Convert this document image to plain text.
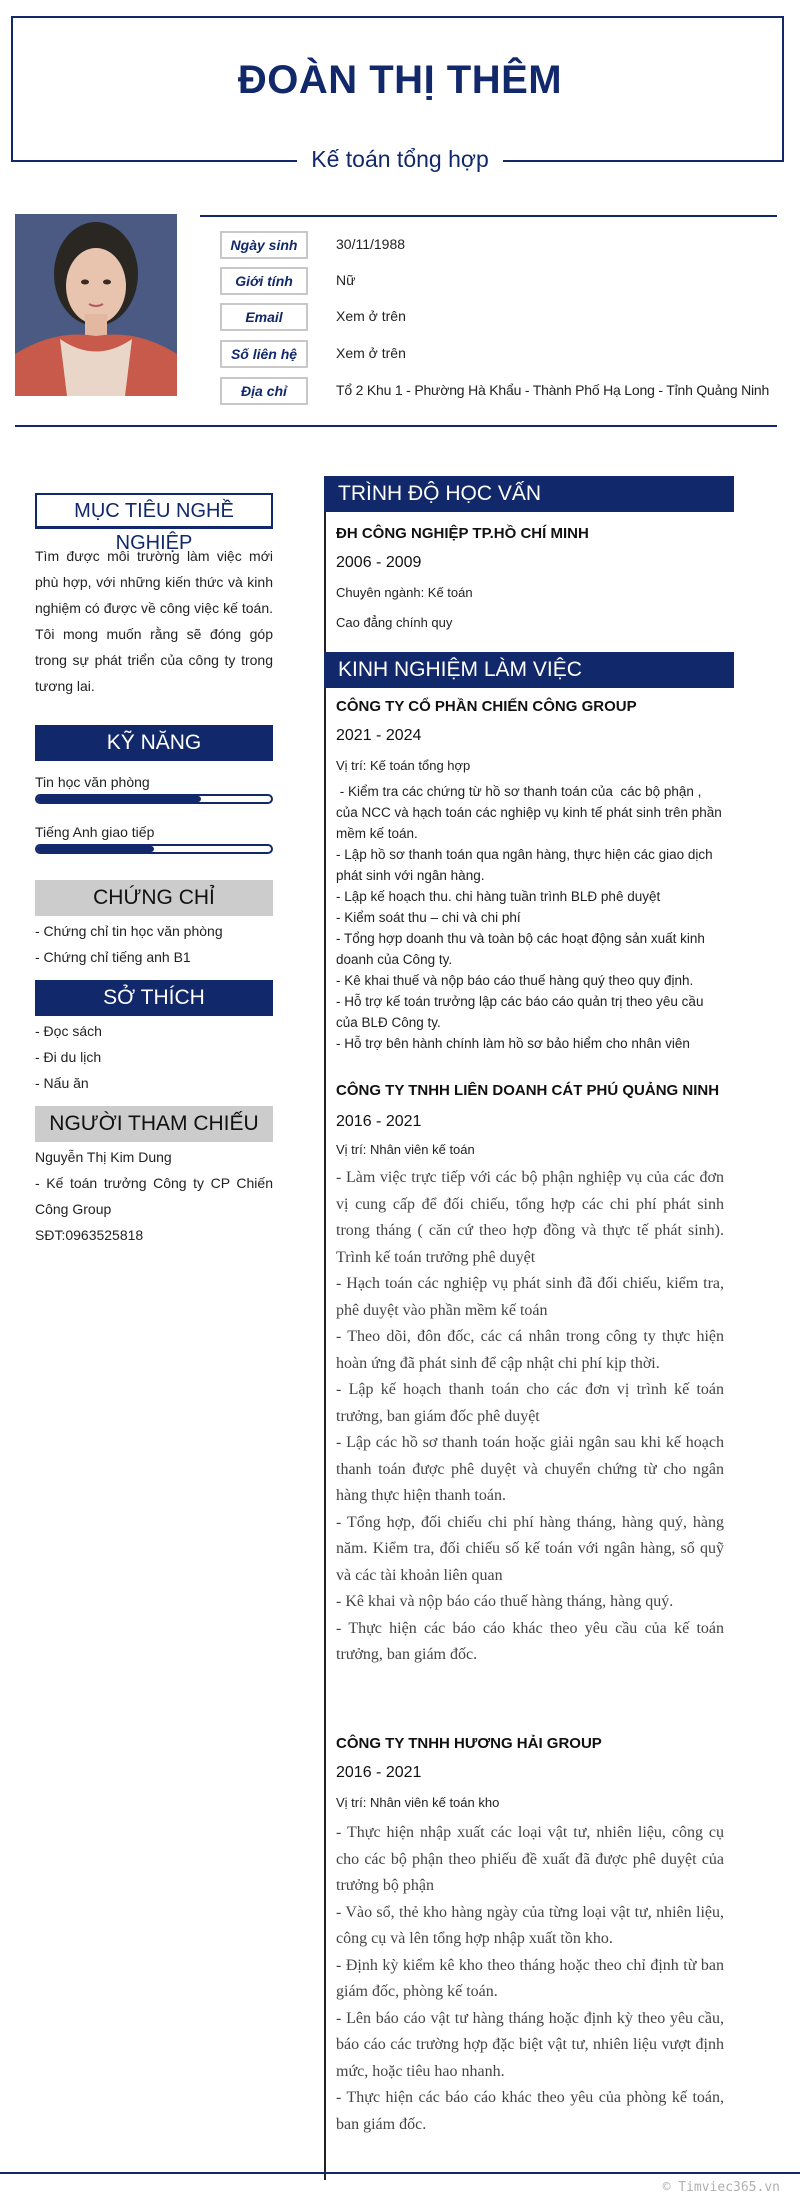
ĐOÀN THỊ THÊM
Kế toán tổng hợp
Ngày sinh	30/11/1988
Giới tính	Nữ
Email	Xem ở trên
Số liên hệ	Xem ở trên
Địa chỉ	Tổ 2 Khu 1 - Phường Hà Khẩu - Thành Phố Hạ Long - Tỉnh Quảng Ninh
MỤC TIÊU NGHỀ NGHIỆP
Tìm được môi trường làm việc mới phù hợp, với những kiến thức và kinh nghiệm có được về công việc kế toán. Tôi mong muốn rằng sẽ đóng góp trong sự phát triển của công ty trong tương lai.
KỸ NĂNG
Tin học văn phòng
Tiếng Anh giao tiếp
CHỨNG CHỈ
- Chứng chỉ tin học văn phòng
- Chứng chỉ tiếng anh B1
SỞ THÍCH
- Đọc sách
- Đi du lịch
- Nấu ăn
NGƯỜI THAM CHIẾU
Nguyễn Thị Kim Dung
- Kế toán trưởng Công ty CP Chiến Công Group
SĐT:0963525818
TRÌNH ĐỘ HỌC VẤN
ĐH CÔNG NGHIỆP TP.HỒ CHÍ MINH
2006 - 2009
Chuyên ngành: Kế toán
Cao đẳng chính quy
KINH NGHIỆM LÀM VIỆC
CÔNG TY CỔ PHẦN CHIẾN CÔNG GROUP
2021 - 2024
Vị trí: Kế toán tổng hợp
- Kiểm tra các chứng từ hồ sơ thanh toán của  các bộ phận , của NCC và hạch toán các nghiệp vụ kinh tế phát sinh trên phần mềm kế toán.
- Lập hồ sơ thanh toán qua ngân hàng, thực hiện các giao dịch phát sinh với ngân hàng.
- Lập kế hoạch thu. chi hàng tuần trình BLĐ phê duyệt
- Kiểm soát thu – chi và chi phí
- Tổng hợp doanh thu và toàn bộ các hoạt động sản xuất kinh doanh của Công ty.
- Kê khai thuế và nộp báo cáo thuế hàng quý theo quy định.
- Hỗ trợ kế toán trưởng lập các báo cáo quản trị theo yêu cầu của BLĐ Công ty.
- Hỗ trợ bên hành chính làm hồ sơ bảo hiểm cho nhân viên
CÔNG TY TNHH LIÊN DOANH CÁT PHÚ QUẢNG NINH
2016 - 2021
Vị trí: Nhân viên kế toán
- Làm việc trực tiếp với các bộ phận nghiệp vụ của các đơn vị cung cấp để đối chiếu, tổng hợp các chi phí phát sinh trong tháng ( căn cứ theo hợp đồng và thực tế phát sinh). Trình kế toán trưởng phê duyệt
- Hạch toán các nghiệp vụ phát sinh đã đối chiếu, kiểm tra, phê duyệt vào phần mềm kế toán
- Theo dõi, đôn đốc, các cá nhân trong công ty thực hiện hoàn ứng đã phát sinh để cập nhật chi phí kịp thời.
- Lập kế hoạch thanh toán cho các đơn vị trình kế toán trưởng, ban giám đốc phê duyệt
- Lập các hồ sơ thanh toán hoặc giải ngân sau khi kế hoạch thanh toán được phê duyệt và chuyển chứng từ cho ngân hàng thực hiện thanh toán.
- Tổng hợp, đối chiếu chi phí hàng tháng, hàng quý, hàng năm. Kiểm tra, đối chiếu số kế toán với ngân hàng, sổ quỹ và các tài khoản liên quan
- Kê khai và nộp báo cáo thuế hàng tháng, hàng quý.
- Thực hiện các báo cáo khác theo yêu cầu của kế toán trưởng, ban giám đốc.
CÔNG TY TNHH HƯƠNG HẢI GROUP
2016 - 2021
Vị trí: Nhân viên kế toán kho
- Thực hiện nhập xuất các loại vật tư, nhiên liệu, công cụ cho các bộ phận theo phiếu đề xuất đã được phê duyệt của trưởng bộ phận
- Vào sổ, thẻ kho hàng ngày của từng loại vật tư, nhiên liệu, công cụ và lên tổng hợp nhập xuất tồn kho.
- Định kỳ kiểm kê kho theo tháng hoặc theo chỉ định từ ban giám đốc, phòng kế toán.
- Lên báo cáo vật tư hàng tháng hoặc định kỳ theo yêu cầu, báo cáo các trường hợp đặc biệt vật tư, nhiên liệu vượt định mức, hoặc tiêu hao nhanh.
- Thực hiện các báo cáo khác theo yêu của phòng kế toán, ban giám đốc.
© Timviec365.vn
